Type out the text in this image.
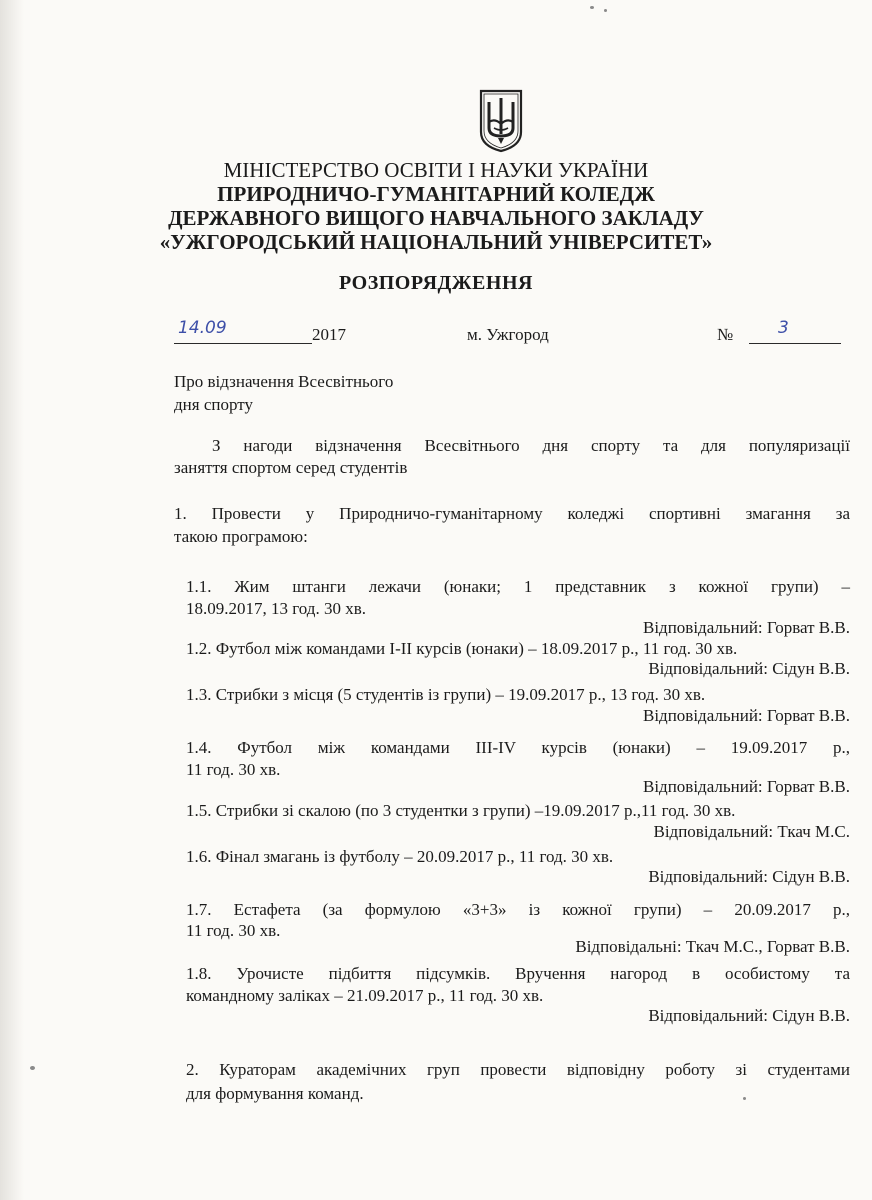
МІНІСТЕРСТВО ОСВІТИ І НАУКИ УКРАЇНИ
ПРИРОДНИЧО-ГУМАНІТАРНИЙ КОЛЕДЖ
ДЕРЖАВНОГО ВИЩОГО НАВЧАЛЬНОГО ЗАКЛАДУ
«УЖГОРОДСЬКИЙ НАЦІОНАЛЬНИЙ УНІВЕРСИТЕТ»
РОЗПОРЯДЖЕННЯ
14.09	2017	м. Ужгород	№	3
Про відзначення Всесвітнього
дня спорту
З нагоди відзначення Всесвітнього дня спорту та для популяризації
заняття спортом серед студентів
1. Провести у Природничо-гуманітарному коледжі спортивні змагання за
такою програмою:
1.1. Жим штанги лежачи (юнаки; 1 представник з кожної групи) –
18.09.2017, 13 год. 30 хв.
Відповідальний: Горват В.В.
1.2. Футбол між командами І-ІІ курсів (юнаки) – 18.09.2017 р., 11 год. 30 хв.
Відповідальний: Сідун В.В.
1.3. Стрибки з місця (5 студентів із групи) – 19.09.2017 р., 13 год. 30 хв.
Відповідальний: Горват В.В.
1.4. Футбол між командами ІІІ-ІV курсів (юнаки) – 19.09.2017 р.,
11 год. 30 хв.
Відповідальний: Горват В.В.
1.5. Стрибки зі скалою (по 3 студентки з групи) –19.09.2017 р.,11 год. 30 хв.
Відповідальний: Ткач М.С.
1.6. Фінал змагань із футболу – 20.09.2017 р., 11 год. 30 хв.
Відповідальний: Сідун В.В.
1.7. Естафета (за формулою «3+3» із кожної групи) – 20.09.2017 р.,
11 год. 30 хв.
Відповідальні: Ткач М.С., Горват В.В.
1.8. Урочисте підбиття підсумків. Вручення нагород в особистому та
командному заліках – 21.09.2017 р., 11 год. 30 хв.
Відповідальний: Сідун В.В.
2. Кураторам академічних груп провести відповідну роботу зі студентами
для формування команд.
